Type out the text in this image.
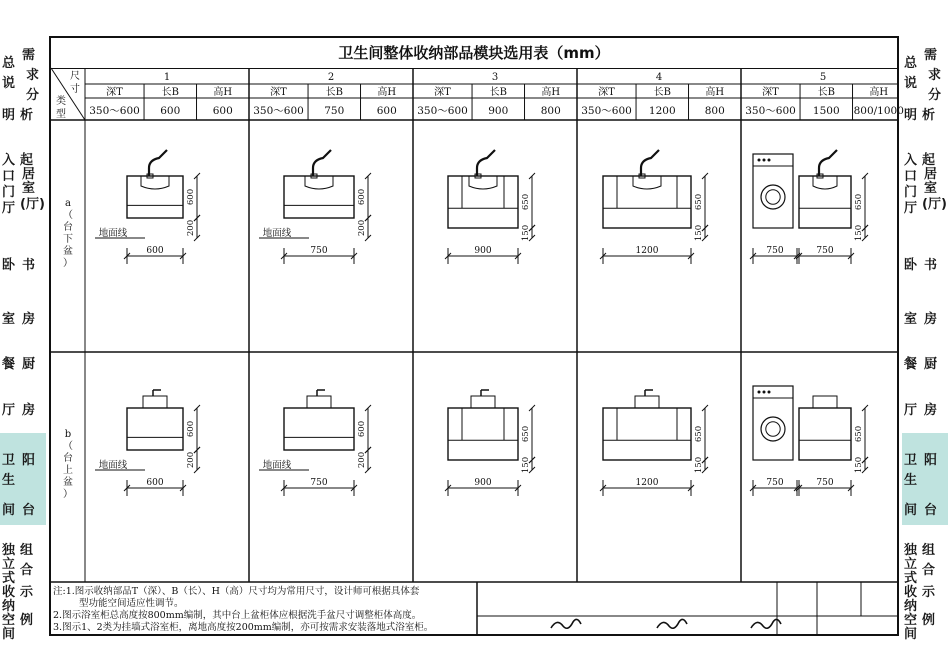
总
需
说
求
分
明 析
入 起
口 居
门 室
厅 (厅)
卧 书
室 房
餐 厨
厅 房
卫 阳
生
间 台
独 组
立 合
式
收 示
纳
空 例
间
总
需
说
求
分
明 析
入 起
口 居
门 室
厅 (厅)
卧 书
室 房
餐 厨
厅 房
卫 阳
生
间 台
独 组
立 合
式
收 示
纳
空 例
间
卫生间整体收纳部品模块选用表（mm）
尺
寸
类
型
1
深T	长B	高H
350～600 600	600
2
深T	长B	高H
350～600 750	600
3
深T	长B	高H
350～600 900	800
4
深T	长B	高H
350～600 1200	800
5
深T	长B	高H
350～600 1500 800/1000
a
（
台
下
盆
）
b
（
台
上
盆
）
地面线
600
600
200	地面线
750
600
200
900
650
150
1200
650
150
750	750
650
150
地面线
600
600
200	地面线
750
600
200
900
650
150
1200
650
150
750	750
650
150
注:1.图示收纳部品T（深）、B（长）、H（高）尺寸均为常用尺寸，设计师可根据具体套
型功能空间适应性调节。
2.图示浴室柜总高度按800mm编制，其中台上盆柜体应根据洗手盆尺寸调整柜体高度。
3.图示1、2类为挂墙式浴室柜，离地高度按200mm编制，亦可按需求安装落地式浴室柜。
